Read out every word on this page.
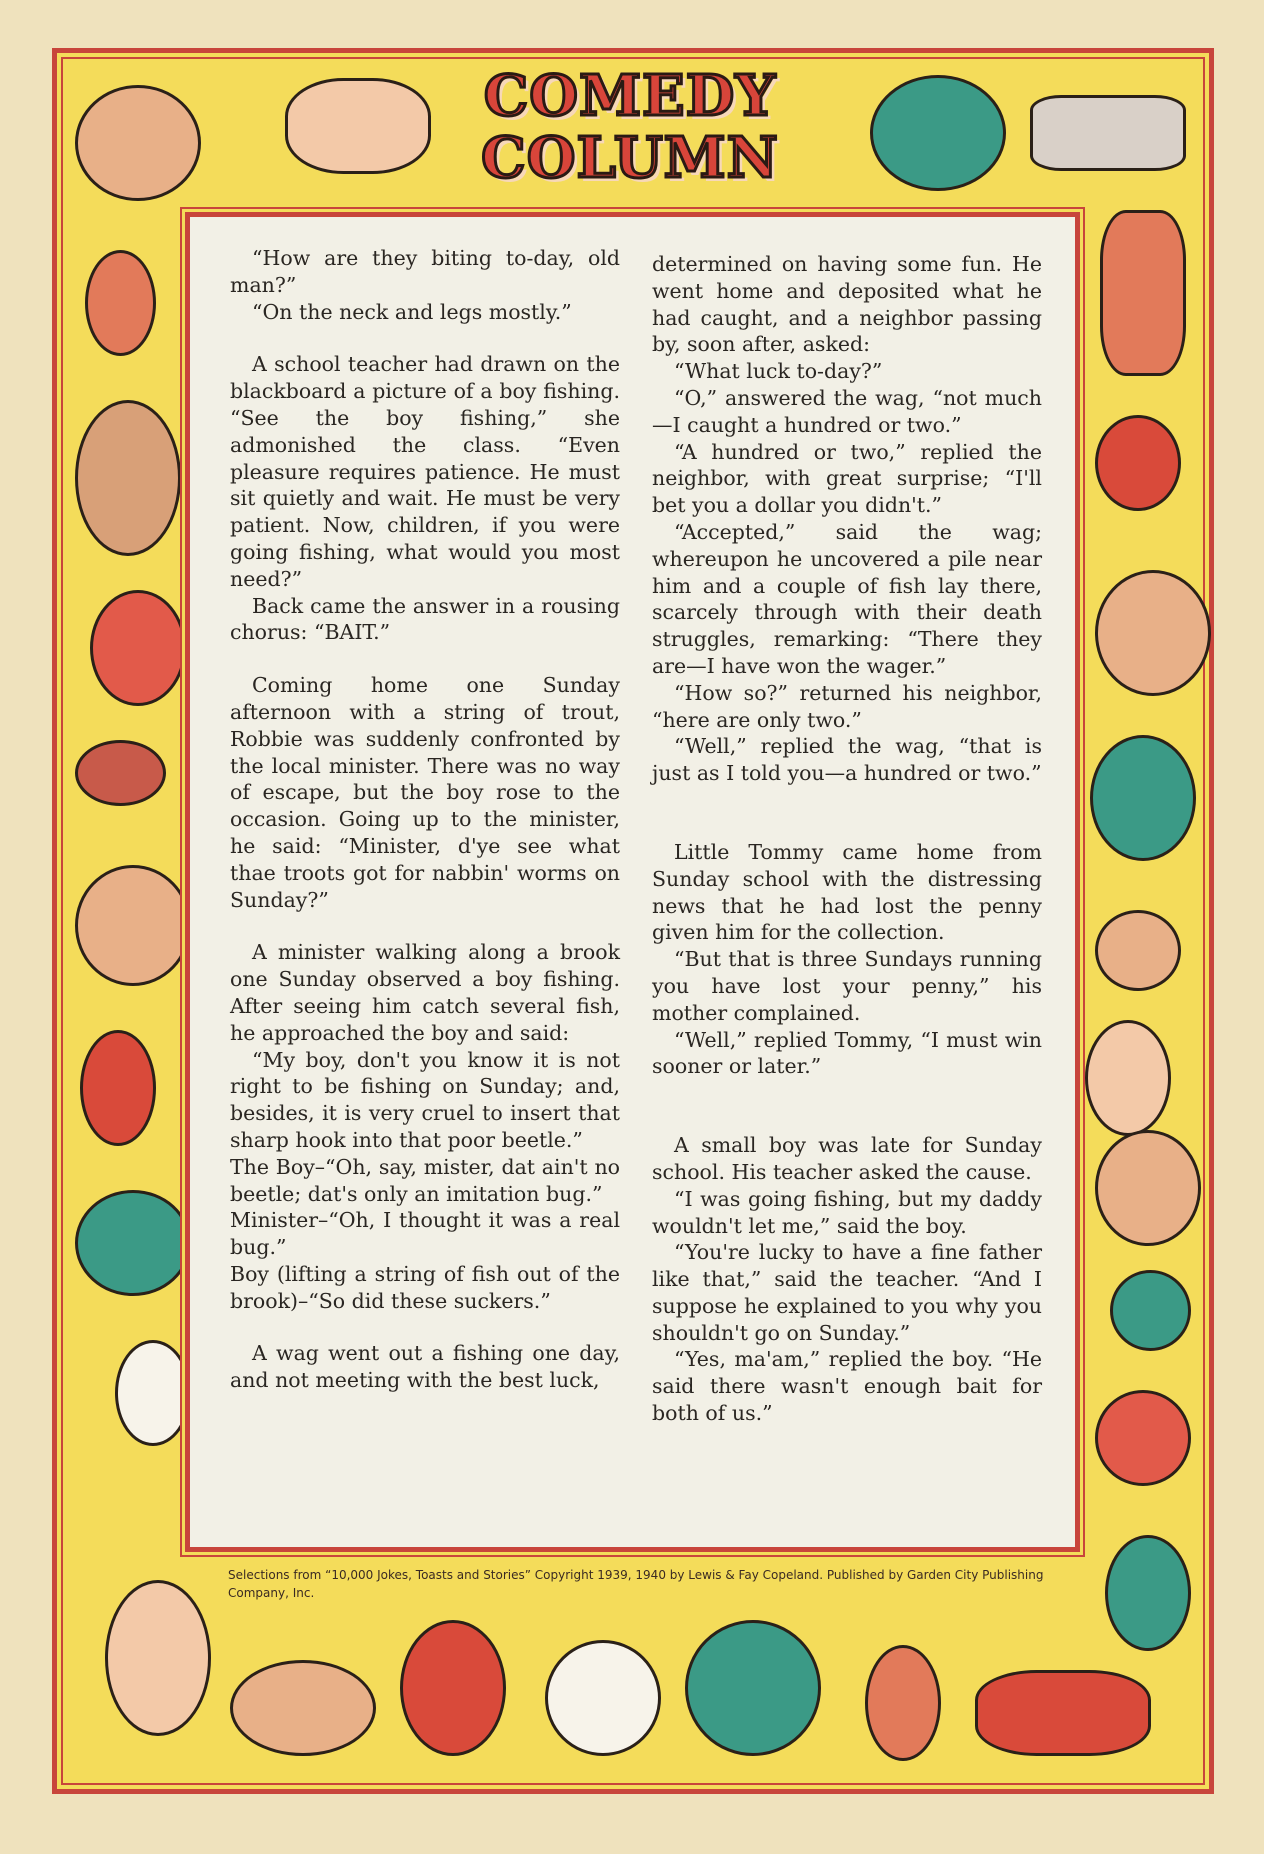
COMEDY
COLUMN

“How are they biting to-day, old man?”

“On the neck and legs mostly.”

A school teacher had drawn on the blackboard a picture of a boy fishing. “See the boy fishing,” she admonished the class. “Even pleasure requires patience. He must sit quietly and wait. He must be very patient. Now, children, if you were going fishing, what would you most need?”

Back came the answer in a rousing chorus: “BAIT.”

Coming home one Sunday afternoon with a string of trout, Robbie was suddenly confronted by the local minister. There was no way of escape, but the boy rose to the occasion. Going up to the minister, he said: “Minister, d'ye see what thae troots got for nabbin' worms on Sunday?”

A minister walking along a brook one Sunday observed a boy fishing. After seeing him catch several fish, he approached the boy and said:

“My boy, don't you know it is not right to be fishing on Sunday; and, besides, it is very cruel to insert that sharp hook into that poor beetle.”

The Boy–“Oh, say, mister, dat ain't no beetle; dat's only an imitation bug.”

Minister–“Oh, I thought it was a real bug.”

Boy (lifting a string of fish out of the brook)–“So did these suckers.”

A wag went out a fishing one day, and not meeting with the best luck,

determined on having some fun. He went home and deposited what he had caught, and a neighbor passing by, soon after, asked:

“What luck to-day?”

“O,” answered the wag, “not much—I caught a hundred or two.”

“A hundred or two,” replied the neighbor, with great surprise; “I'll bet you a dollar you didn't.”

“Accepted,” said the wag; whereupon he uncovered a pile near him and a couple of fish lay there, scarcely through with their death struggles, remarking: “There they are—I have won the wager.”

“How so?” returned his neighbor, “here are only two.”

“Well,” replied the wag, “that is just as I told you—a hundred or two.”

Little Tommy came home from Sunday school with the distressing news that he had lost the penny given him for the collection.

“But that is three Sundays running you have lost your penny,” his mother complained.

“Well,” replied Tommy, “I must win sooner or later.”

A small boy was late for Sunday school. His teacher asked the cause.

“I was going fishing, but my daddy wouldn't let me,” said the boy.

“You're lucky to have a fine father like that,” said the teacher. “And I suppose he explained to you why you shouldn't go on Sunday.”

“Yes, ma'am,” replied the boy. “He said there wasn't enough bait for both of us.”

Selections from “10,000 Jokes, Toasts and Stories” Copyright 1939, 1940 by Lewis & Fay Copeland. Published by Garden City Publishing Company, Inc.
